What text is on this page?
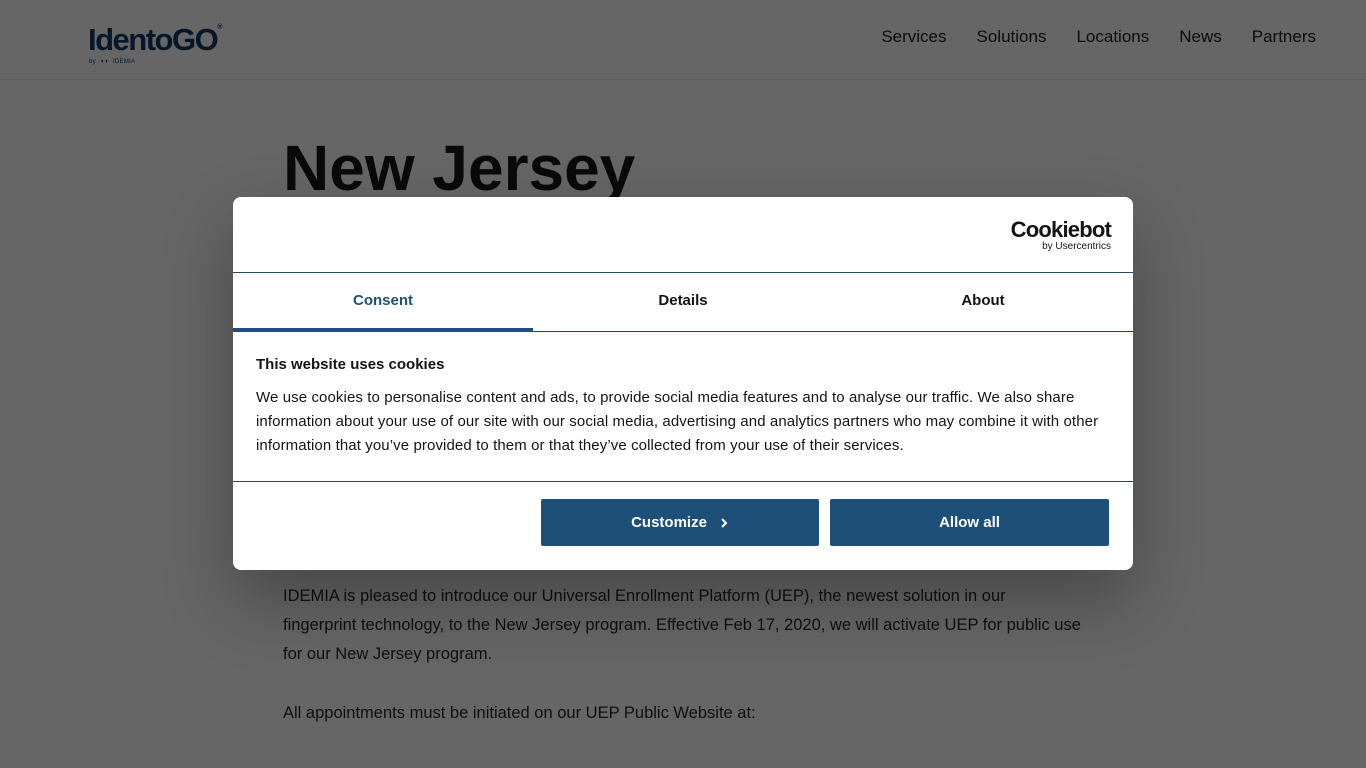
Cookiebot
by Usercentrics
Consent	Details	About
This website uses cookies

We use cookies to personalise content and ads, to provide social media features and to analyse our traffic. We also share information about your use of our site with our social media, advertising and analytics partners who may combine it with other information that you’ve provided to them or that they’ve collected from your use of their services.

Customize	Allow all
